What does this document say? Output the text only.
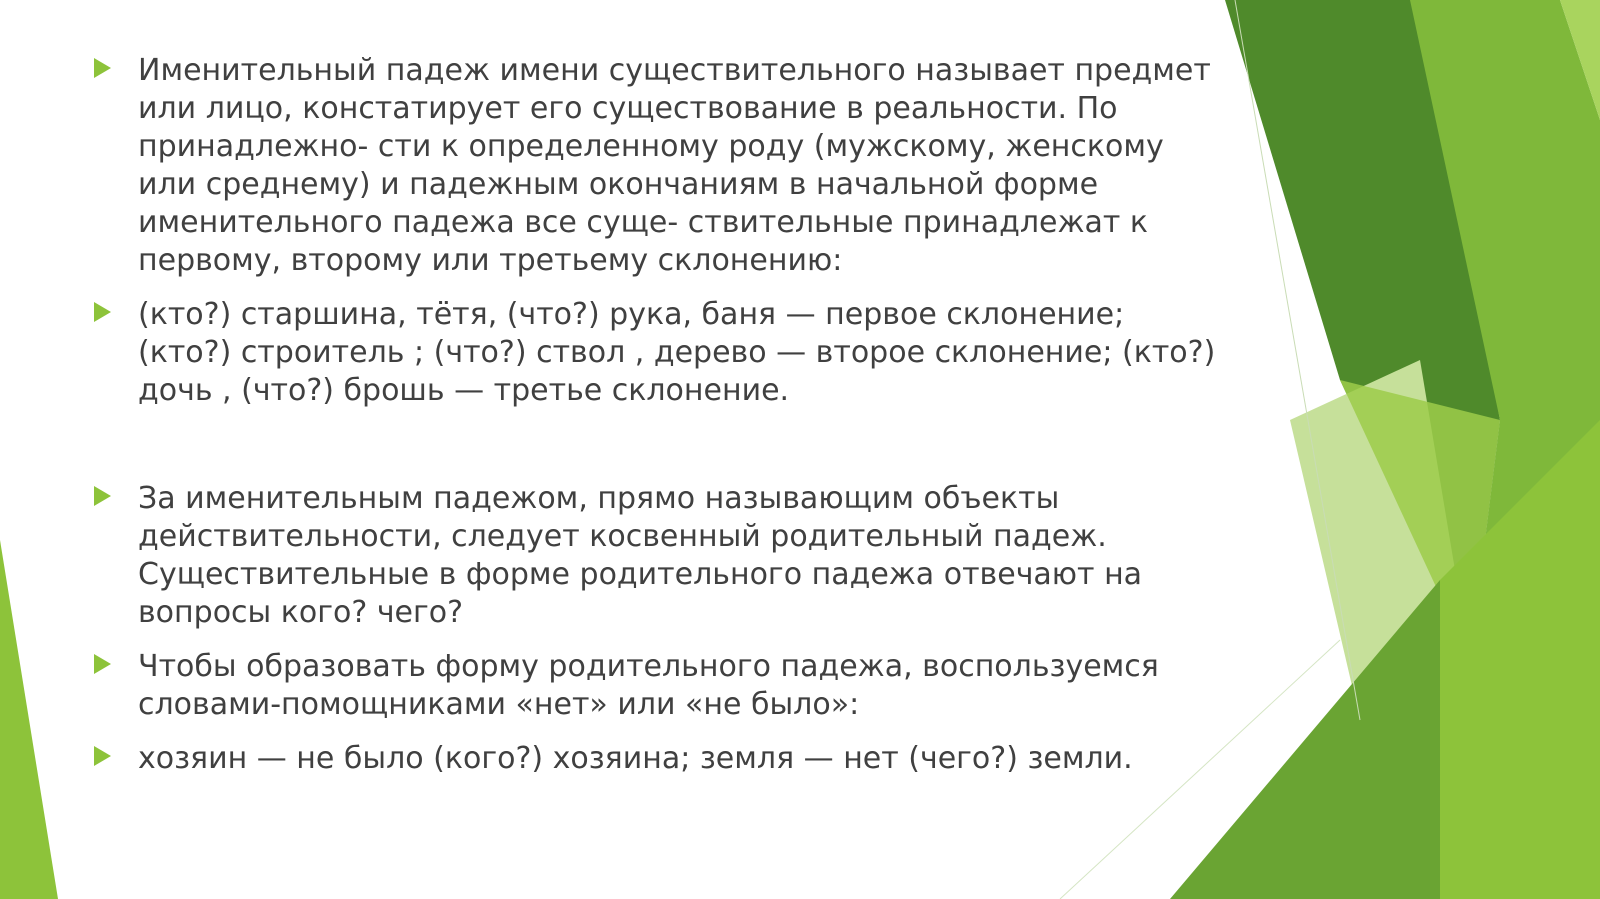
Именительный падеж имени существительного называет предмет или лицо, констатирует его существование в реальности. По принадлежно- сти к определенному роду (мужскому, женскому или среднему) и падежным окончаниям в начальной форме именительного падежа все суще- ствительные принадлежат к первому, второму или третьему склонению:
(кто?) старшина, тётя, (что?) рука, баня — первое склонение; (кто?) строитель ; (что?) ствол , дерево — второе склонение; (кто?) дочь , (что?) брошь — третье склонение.
За именительным падежом, прямо называющим объекты действительности, следует косвенный родительный падеж. Существительные в форме родительного падежа отвечают на вопросы кого? чего?
Чтобы образовать форму родительного падежа, воспользуемся словами-помощниками «нет» или «не было»:
хозяин — не было (кого?) хозяина; земля — нет (чего?) земли.
